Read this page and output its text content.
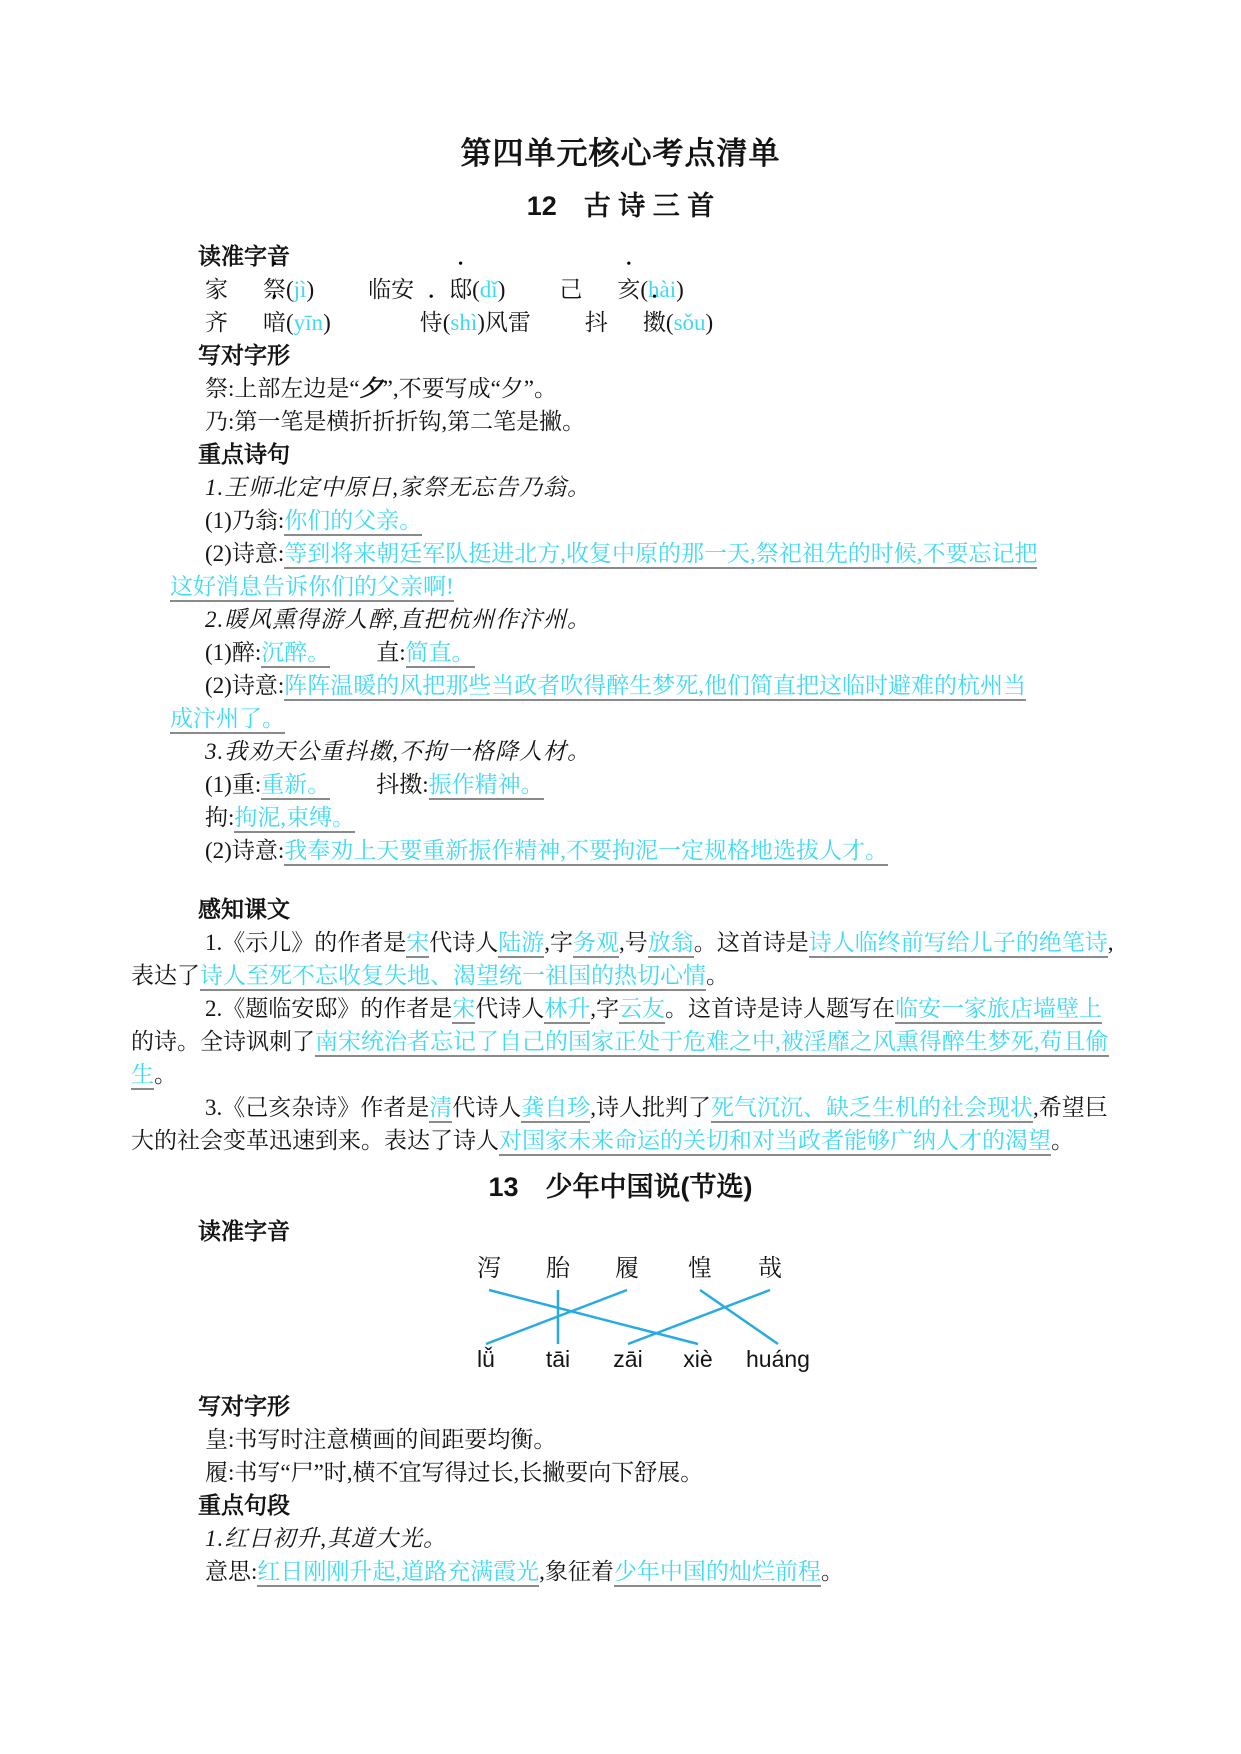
第四单元核心考点清单
12　古 诗 三 首
读准字音
家 祭(jì) 临安 邸(dǐ) 己 亥(hài)
齐 喑(yīn)	恃(shì)风雷 抖 擞(sǒu)
写对字形
祭:上部左边是“夕”,不要写成“夕”。
乃:第一笔是横折折折钩,第二笔是撇。
重点诗句
1.王师北定中原日,家祭无忘告乃翁。
(1)乃翁:你们的父亲。
(2)诗意:等到将来朝廷军队挺进北方,收复中原的那一天,祭祀祖先的时候,不要忘记把这好消息告诉你们的父亲啊!
2.暖风熏得游人醉,直把杭州作汴州。
(1)醉:沉醉。 直:简直。
(2)诗意:阵阵温暖的风把那些当政者吹得醉生梦死,他们简直把这临时避难的杭州当成汴州了。
3.我劝天公重抖擞,不拘一格降人材。
(1)重:重新。 抖擞:振作精神。
拘:拘泥,束缚。
(2)诗意:我奉劝上天要重新振作精神,不要拘泥一定规格地选拔人才。
感知课文
1.《示儿》的作者是宋代诗人陆游,字务观,号放翁。这首诗是诗人临终前写给儿子的绝笔诗,表达了诗人至死不忘收复失地、渴望统一祖国的热切心情。
2.《题临安邸》的作者是宋代诗人林升,字云友。这首诗是诗人题写在临安一家旅店墙壁上的诗。全诗讽刺了南宋统治者忘记了自己的国家正处于危难之中,被淫靡之风熏得醉生梦死,苟且偷生。
3.《己亥杂诗》作者是清代诗人龚自珍,诗人批判了死气沉沉、缺乏生机的社会现状,希望巨大的社会变革迅速到来。表达了诗人对国家未来命运的关切和对当政者能够广纳人才的渴望。
13　少年中国说(节选)
读准字音
泻 胎 履 惶 哉
lǚ tāi zāi xiè huáng
写对字形
皇:书写时注意横画的间距要均衡。
履:书写“尸”时,横不宜写得过长,长撇要向下舒展。
重点句段
1.红日初升,其道大光。
意思:红日刚刚升起,道路充满霞光,象征着少年中国的灿烂前程。
